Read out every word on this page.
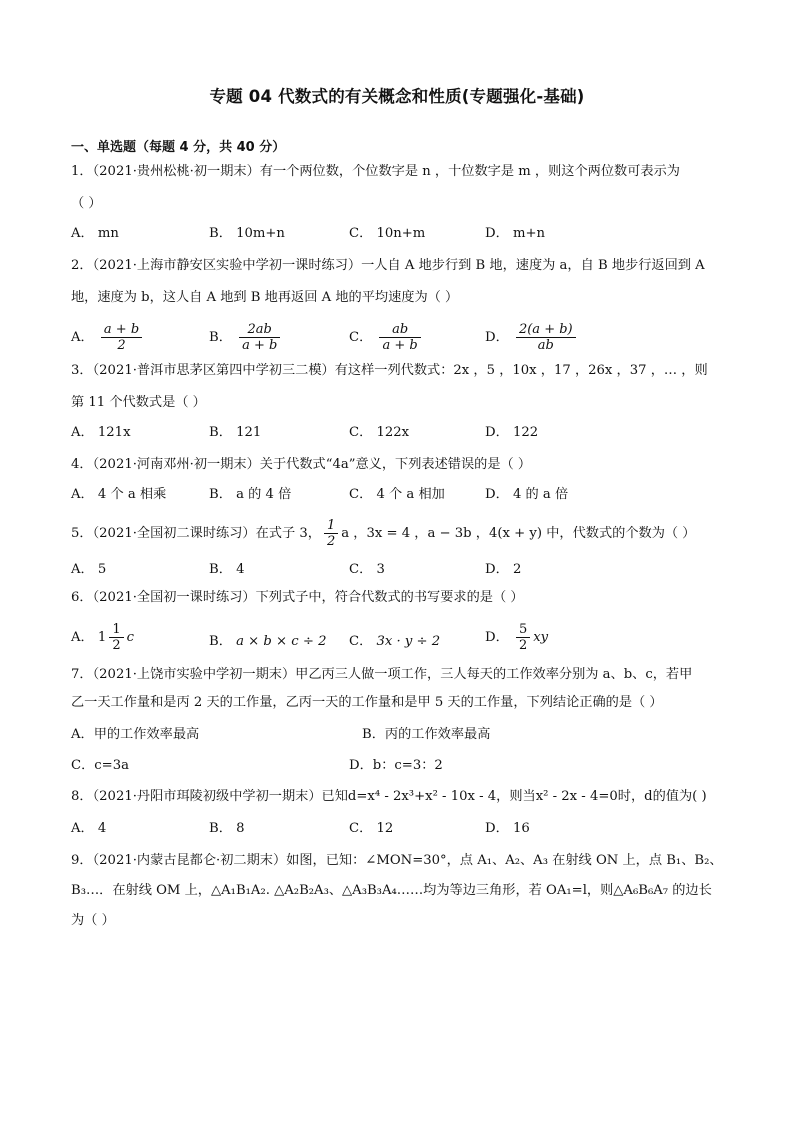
专题 04 代数式的有关概念和性质(专题强化-基础)
一、单选题（每题 4 分，共 40 分）
1．（2021·贵州松桃·初一期末）有一个两位数，个位数字是 n ，十位数字是 m ，则这个两位数可表示为
（ ）
A． mn	B． 10m+n	C． 10n+m	D． m+n
2．（2021·上海市静安区实验中学初一课时练习）一人自 A 地步行到 B 地，速度为 a，自 B 地步行返回到 A
地，速度为 b，这人自 A 地到 B 地再返回 A 地的平均速度为（ ）
A． $\frac{a + b}{2}$	B． $\frac{2ab}{a + b}$	C． $\frac{ab}{a + b}$	D． $\frac{2(a + b)}{ab}$
3．（2021·普洱市思茅区第四中学初三二模）有这样一列代数式：2x ，5 ，10x ，17 ，26x ，37 ，… ，则
第 11 个代数式是（ ）
A． 121x	B． 121	C． 122x	D． 122
4．（2021·河南邓州·初一期末）关于代数式“4a”意义，下列表述错误的是（ ）
A． 4 个 a 相乘	B． a 的 4 倍	C． 4 个 a 相加	D． 4 的 a 倍
5．（2021·全国初二课时练习）在式子 3， $\frac{1}{2}$ a ，3x = 4 ，a − 3b ，4(x + y) 中，代数式的个数为（ ）
A． 5	B． 4	C． 3	D． 2
6．（2021·全国初一课时练习）下列式子中，符合代数式的书写要求的是（ ）
A． $1 \frac{1}{2}$ c	B． a × b × c ÷ 2 C． 3x · y ÷ 2	D． $\frac{5}{2}$ xy
7．（2021·上饶市实验中学初一期末）甲乙丙三人做一项工作，三人每天的工作效率分别为 a、b、c，若甲
乙一天工作量和是丙 2 天的工作量，乙丙一天的工作量和是甲 5 天的工作量，下列结论正确的是（ ）
A．甲的工作效率最高	B．丙的工作效率最高
C．c=3a	D．b：c=3：2
8．（2021·丹阳市珥陵初级中学初一期末）已知d=x⁴ - 2x³+x² - 10x - 4，则当x² - 2x - 4=0时，d的值为( )
A． 4	B． 8	C． 12	D． 16
9．（2021·内蒙古昆都仑·初二期末）如图，已知：∠MON=30°，点 A₁、A₂、A₃ 在射线 ON 上，点 B₁、B₂、
B₃…．在射线 OM 上，△A₁B₁A₂. △A₂B₂A₃、△A₃B₃A₄……均为等边三角形，若 OA₁=l，则△A₆B₆A₇ 的边长
为（ ）
